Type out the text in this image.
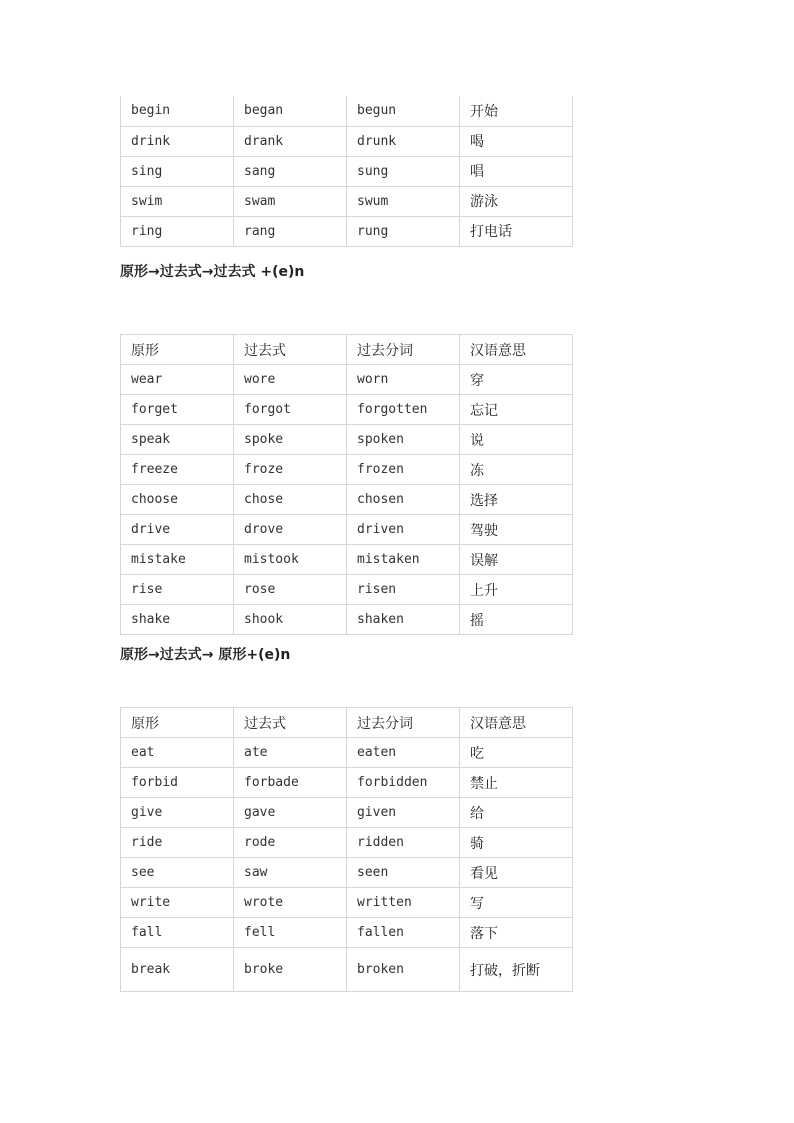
begin	began	begun	开始
drink	drank	drunk	喝
sing	sang	sung	唱
swim	swam	swum	游泳
ring	rang	rung	打电话

原形→过去式→过去式 +(e)n

原形	过去式	过去分词	汉语意思
wear	wore	worn	穿
forget	forgot	forgotten	忘记
speak	spoke	spoken	说
freeze	froze	frozen	冻
choose	chose	chosen	选择
drive	drove	driven	驾驶
mistake	mistook	mistaken	误解
rise	rose	risen	上升
shake	shook	shaken	摇

原形→过去式→ 原形+(e)n

原形	过去式	过去分词	汉语意思
eat	ate	eaten	吃
forbid	forbade	forbidden	禁止
give	gave	given	给
ride	rode	ridden	骑
see	saw	seen	看见
write	wrote	written	写
fall	fell	fallen	落下
break	broke	broken	打破，折断
